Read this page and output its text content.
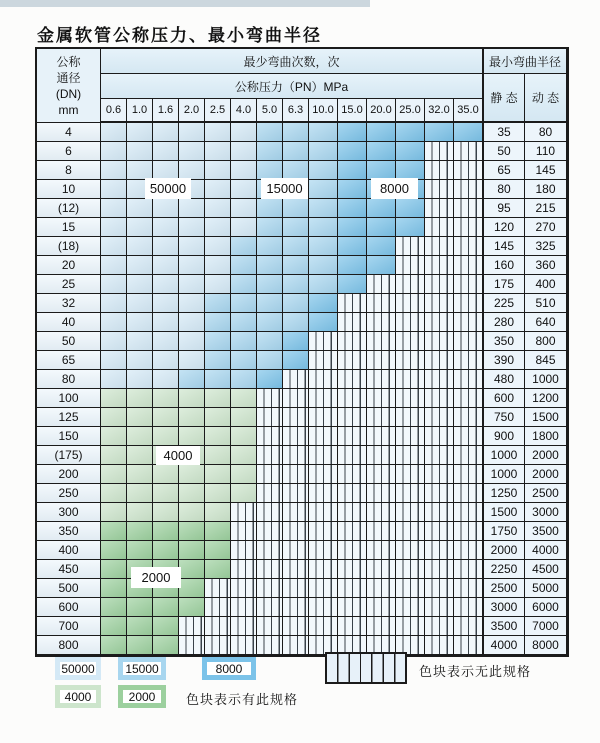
金属软管公称压力、最小弯曲半径
公称
通径
(DN)
mm
最少弯曲次数，次	最小弯曲半径
公称压力（PN）MPa
静 态	动 态
0.6 1.0 1.6 2.0 2.5 4.0 5.0 6.3 10.0 15.0 20.0 25.0 32.0 35.0
4	35	80
6	50	110
8	65	145
10	80	180
(12)	95	215
15	120	270
(18)	145	325
20	160	360
25	175	400
32	225	510
40	280	640
50	350	800
65	390	845
80	480	1000
100	600	1200
125	750	1500
150	900	1800
(175)	1000	2000
200	1000	2000
250	1250	2500
300	1500	3000
350	1750	3500
400	2000	4000
450	2250	4500
500	2500	5000
600	3000	6000
700	3500	7000
800	4000	8000
50000	15000	8000
4000
2000
50000	15000	8000
4000	2000	色块表示有此规格
色块表示无此规格
